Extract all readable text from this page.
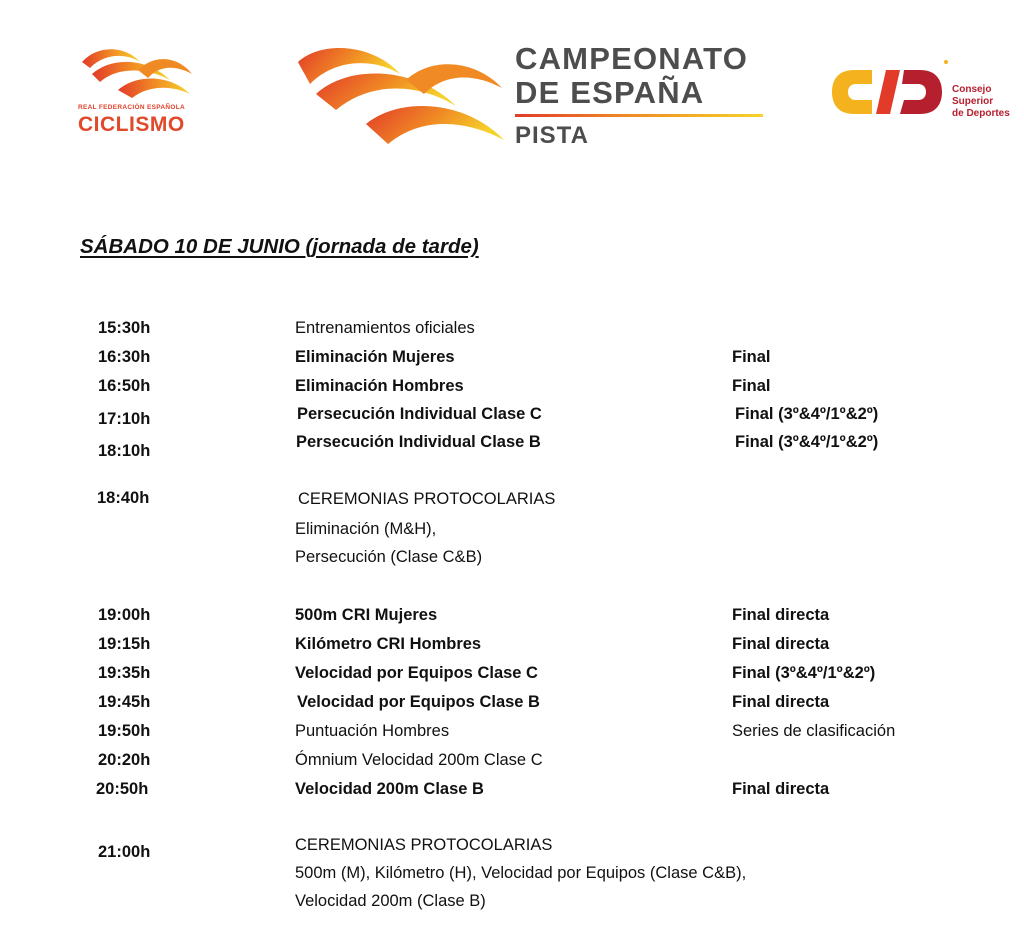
REAL FEDERACIÓN ESPAÑOLA
CICLISMO
CAMPEONATO
DE ESPAÑA
PISTA
Consejo
Superior
de Deportes
SÁBADO 10 DE JUNIO (jornada de tarde)
15:30h	Entrenamientos oficiales
16:30h	Eliminación Mujeres	Final
16:50h	Eliminación Hombres	Final
17:10h	Persecución Individual Clase C	Final (3º&4º/1º&2º)
18:10h	Persecución Individual Clase B	Final (3º&4º/1º&2º)
18:40h	CEREMONIAS PROTOCOLARIAS
Eliminación (M&H),
Persecución (Clase C&B)
19:00h	500m CRI Mujeres	Final directa
19:15h	Kilómetro CRI Hombres	Final directa
19:35h	Velocidad por Equipos Clase C	Final (3º&4º/1º&2º)
19:45h	Velocidad por Equipos Clase B	Final directa
19:50h	Puntuación Hombres	Series de clasificación
20:20h	Ómnium Velocidad 200m Clase C
20:50h	Velocidad 200m Clase B	Final directa
21:00h	CEREMONIAS PROTOCOLARIAS
500m (M), Kilómetro (H), Velocidad por Equipos (Clase C&B),
Velocidad 200m (Clase B)
